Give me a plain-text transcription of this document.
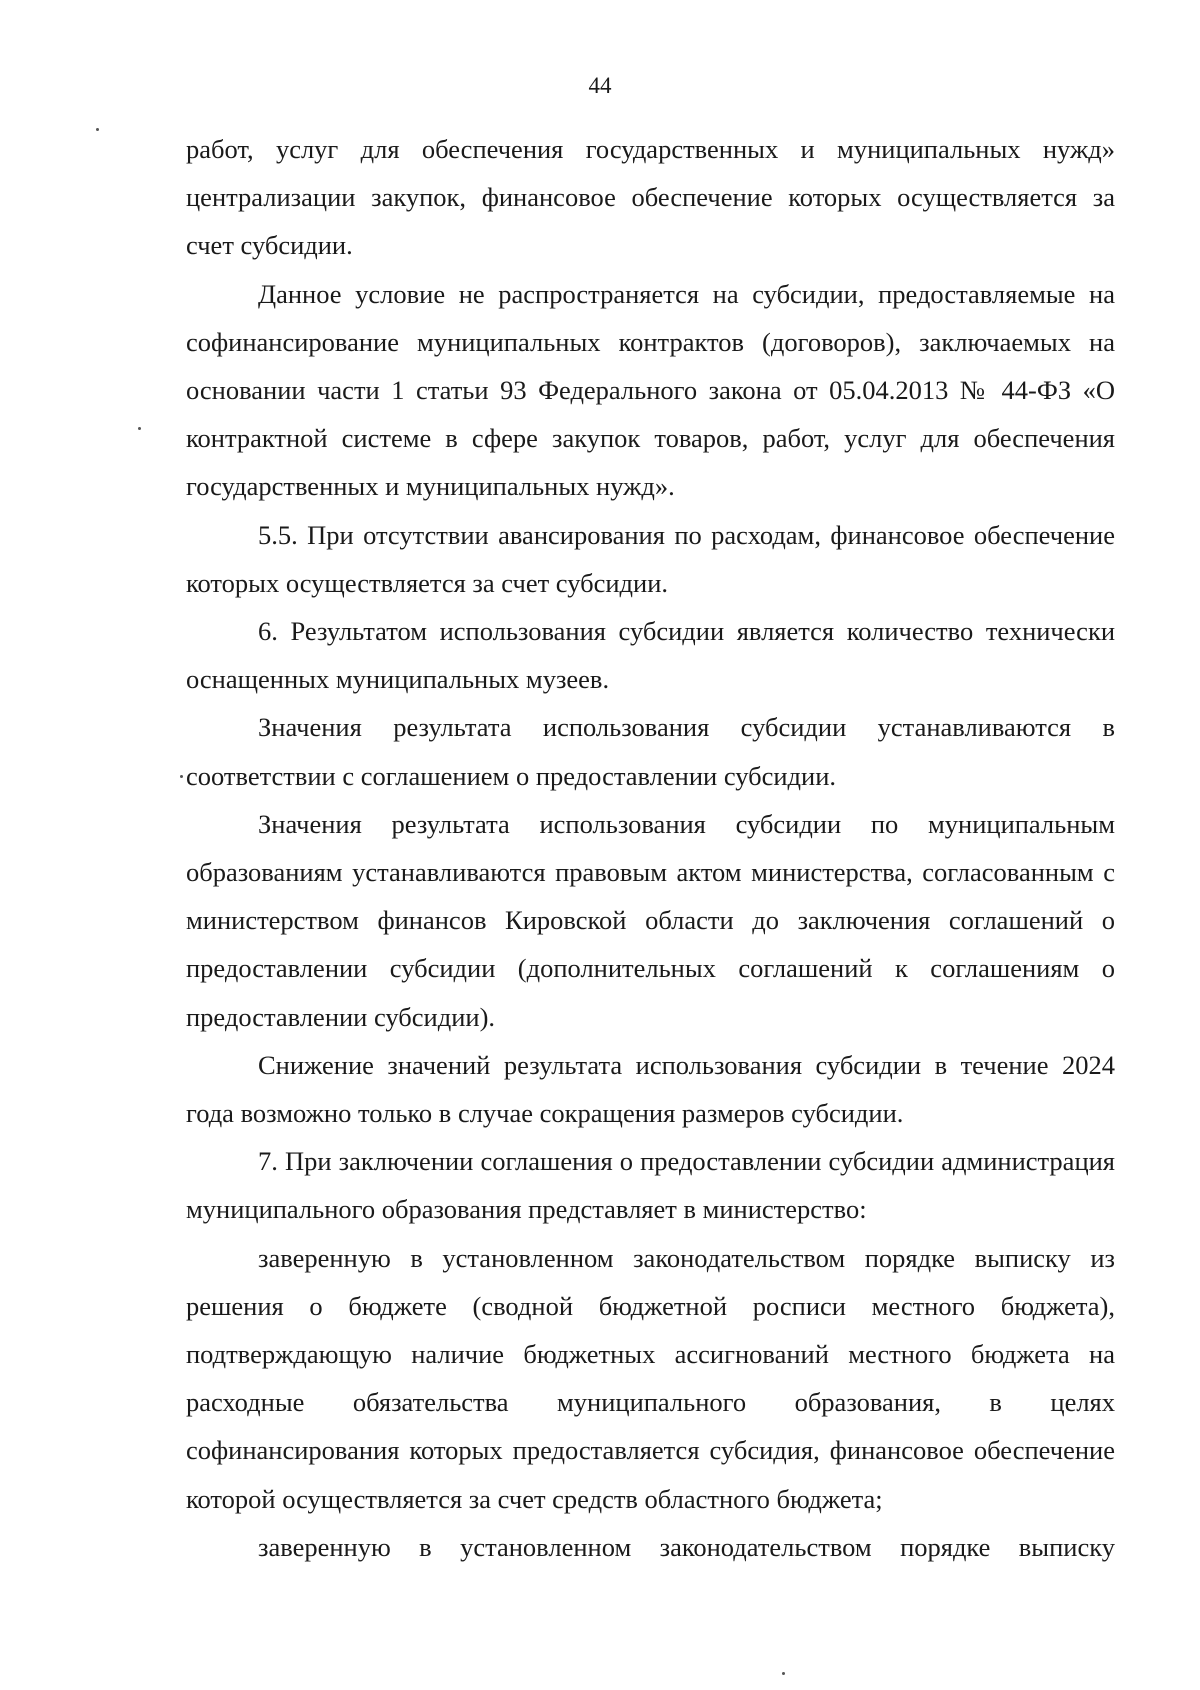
44

работ, услуг для обеспечения государственных и муниципальных нужд» централизации закупок, финансовое обеспечение которых осуществляется за счет субсидии.

Данное условие не распространяется на субсидии, предоставляемые на софинансирование муниципальных контрактов (договоров), заключаемых на основании части 1 статьи 93 Федерального закона от 05.04.2013 № 44-ФЗ «О контрактной системе в сфере закупок товаров, работ, услуг для обеспечения государственных и муниципальных нужд».

5.5. При отсутствии авансирования по расходам, финансовое обеспечение которых осуществляется за счет субсидии.

6. Результатом использования субсидии является количество технически оснащенных муниципальных музеев.

Значения результата использования субсидии устанавливаются в соответствии с соглашением о предоставлении субсидии.

Значения результата использования субсидии по муниципальным образованиям устанавливаются правовым актом министерства, согласованным с министерством финансов Кировской области до заключения соглашений о предоставлении субсидии (дополнительных соглашений к соглашениям о предоставлении субсидии).

Снижение значений результата использования субсидии в течение 2024 года возможно только в случае сокращения размеров субсидии.

7. При заключении соглашения о предоставлении субсидии администрация муниципального образования представляет в министерство:

заверенную в установленном законодательством порядке выписку из решения о бюджете (сводной бюджетной росписи местного бюджета), подтверждающую наличие бюджетных ассигнований местного бюджета на расходные обязательства муниципального образования, в целях софинансирования которых предоставляется субсидия, финансовое обеспечение которой осуществляется за счет средств областного бюджета;

заверенную в установленном законодательством порядке выписку
